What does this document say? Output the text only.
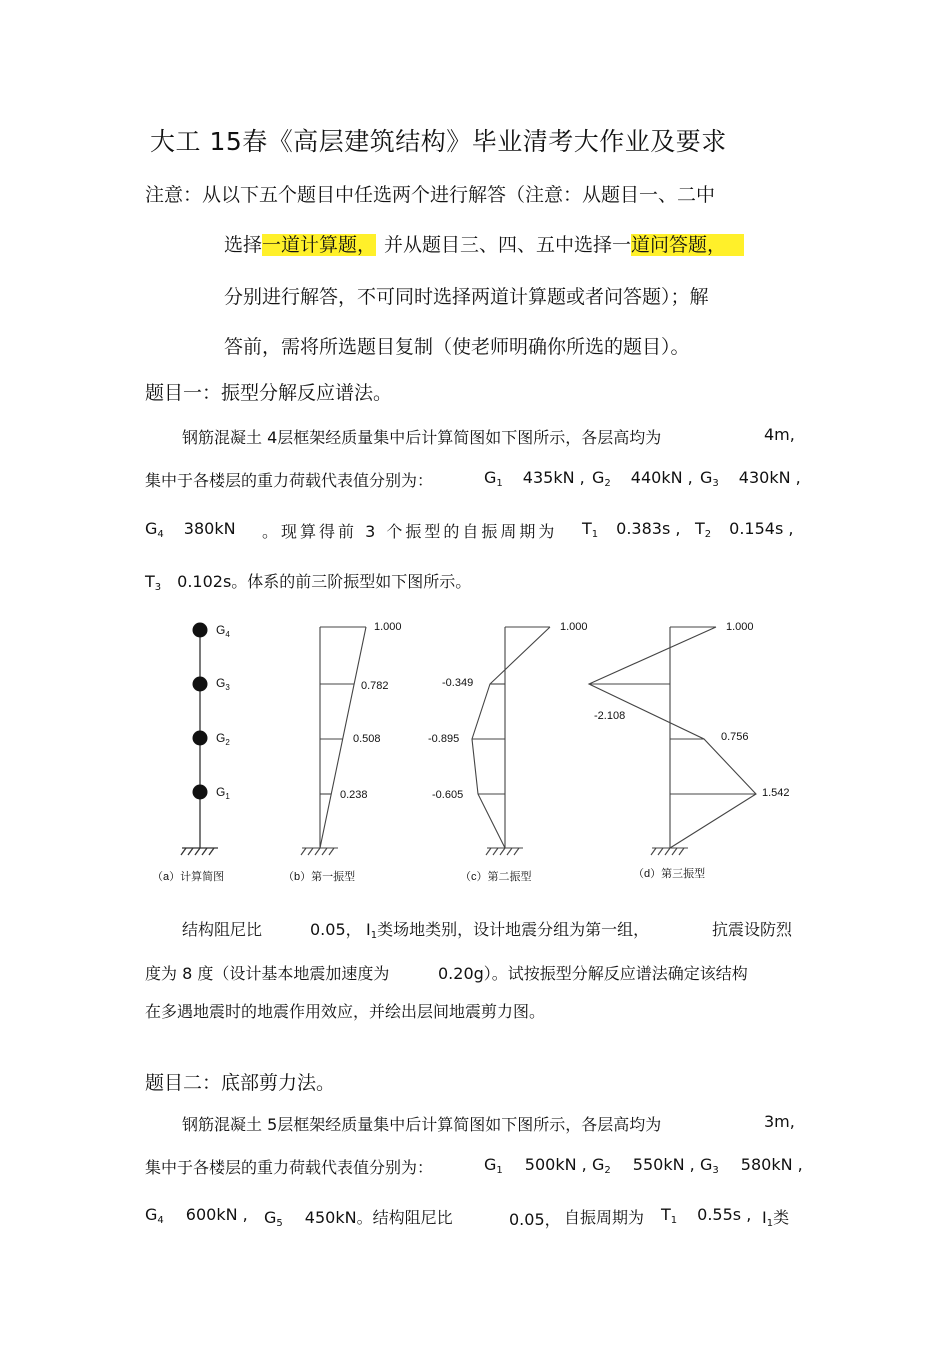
大工 15春《高层建筑结构》毕业清考大作业及要求
注意：从以下五个题目中任选两个进行解答（注意：从题目一、二中
选择一道计算题， 并从题目三、四、五中选择一道问答题，
分别进行解答，不可同时选择两道计算题或者问答题）；解
答前，需将所选题目复制（使老师明确你所选的题目）。
题目一：振型分解反应谱法。
钢筋混凝土 4层框架经质量集中后计算简图如下图所示，各层高均为	4m,
集中于各楼层的重力荷载代表值分别为：	$G_1$ 435kN , $G_2$ 440kN , $G_3$ 430kN ,
$G_4$ 380kN 。现算得前 3 个振型的自振周期为 $T_1$ 0.383s , $T_2$ 0.154s ,
$T_3$ 0.102s。体系的前三阶振型如下图所示。
$G_4$
$G_3$
$G_2$
$G_1$
1.000
0.782
0.508
0.238
1.000
-0.349
-0.895
-0.605
1.000
-2.108
0.756
1.542
（a）计算简图	（b）第一振型	（c）第二振型	（d）第三振型
结构阻尼比	0.05， $Ⅰ_1$类场地类别，设计地震分组为第一组，	抗震设防烈
度为 8 度（设计基本地震加速度为	0.20g）。试按振型分解反应谱法确定该结构
在多遇地震时的地震作用效应，并绘出层间地震剪力图。
题目二：底部剪力法。
钢筋混凝土 5层框架经质量集中后计算简图如下图所示，各层高均为	3m,
集中于各楼层的重力荷载代表值分别为：	$G_1$ 500kN , $G_2$ 550kN , $G_3$ 580kN ,
$G_4$ 600kN , $G_5$ 450kN。结构阻尼比	0.05， 自振周期为 $T_1$ 0.55s , $Ⅰ_1$类
